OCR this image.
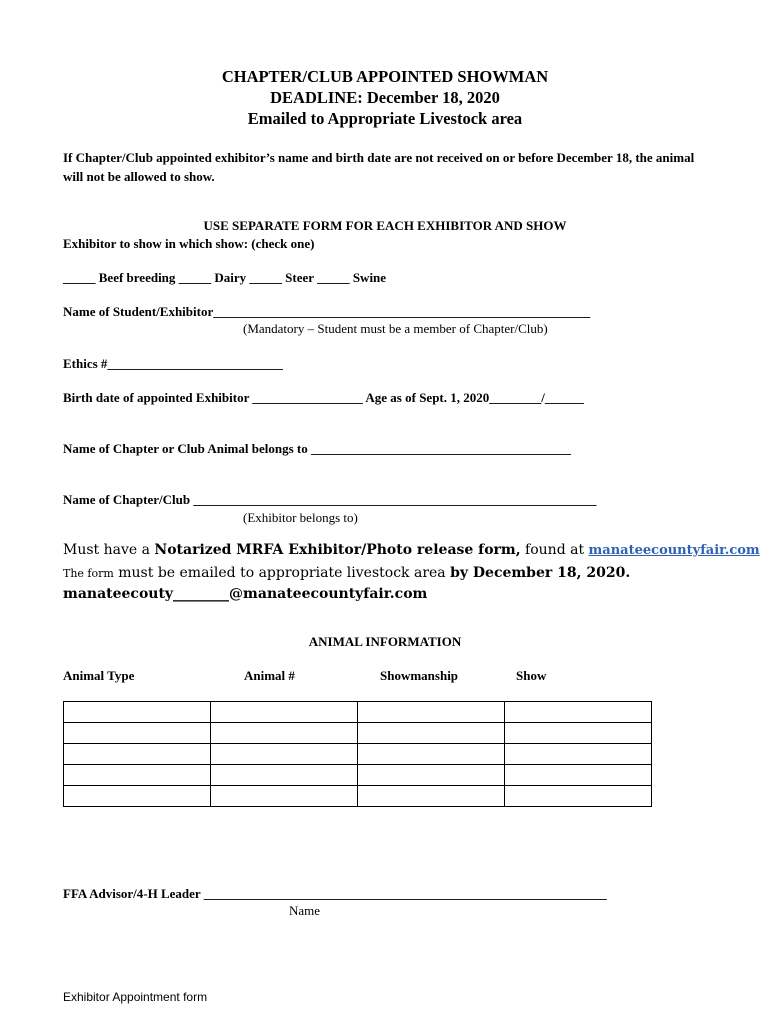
CHAPTER/CLUB APPOINTED SHOWMAN
DEADLINE: December 18, 2020
Emailed to Appropriate Livestock area
If Chapter/Club appointed exhibitor’s name and birth date are not received on or before December 18, the animal will not be allowed to show.
USE SEPARATE FORM FOR EACH EXHIBITOR AND SHOW
Exhibitor to show in which show: (check one)
_____ Beef breeding _____ Dairy _____ Steer _____ Swine
Name of Student/Exhibitor__________________________________________________________
(Mandatory – Student must be a member of Chapter/Club)
Ethics #___________________________
Birth date of appointed Exhibitor _________________ Age as of Sept. 1, 2020________/______
Name of Chapter or Club Animal belongs to ________________________________________
Name of Chapter/Club ______________________________________________________________
(Exhibitor belongs to)
Must have a Notarized MRFA Exhibitor/Photo release form, found at manateecountyfair.com
The form must be emailed to appropriate livestock area by December 18, 2020.
manateecouty________@manateecountyfair.com
ANIMAL INFORMATION
Animal Type	Animal #	Showmanship	Show

FFA Advisor/4-H Leader ______________________________________________________________
Name
Exhibitor Appointment form
